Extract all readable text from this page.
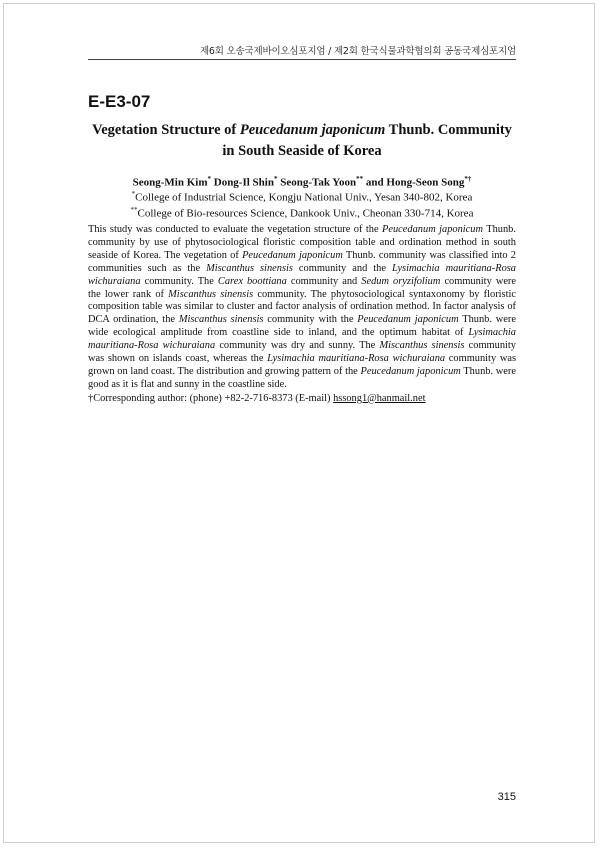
제6회 오송국제바이오심포지엄 / 제2회 한국식물과학협의회 공동국제심포지엄
E-E3-07
Vegetation Structure of Peucedanum japonicum Thunb. Community in South Seaside of Korea
Seong-Min Kim* Dong-Il Shin* Seong-Tak Yoon** and Hong-Seon Song*†
*College of Industrial Science, Kongju National Univ., Yesan 340-802, Korea
**College of Bio-resources Science, Dankook Univ., Cheonan 330-714, Korea

This study was conducted to evaluate the vegetation structure of the Peucedanum japonicum Thunb. community by use of phytosociological floristic composition table and ordination method in south seaside of Korea. The vegetation of Peucedanum japonicum Thunb. community was classified into 2 communities such as the Miscanthus sinensis community and the Lysimachia mauritiana-Rosa wichuraiana community. The Carex boottiana community and Sedum oryzifolium community were the lower rank of Miscanthus sinensis community. The phytosociological syntaxonomy by floristic composition table was similar to cluster and factor analysis of ordination method. In factor analysis of DCA ordination, the Miscanthus sinensis community with the Peucedanum japonicum Thunb. were wide ecological amplitude from coastline side to inland, and the optimum habitat of Lysimachia mauritiana-Rosa wichuraiana community was dry and sunny. The Miscanthus sinensis community was shown on islands coast, whereas the Lysimachia mauritiana-Rosa wichuraiana community was grown on land coast. The distribution and growing pattern of the Peucedanum japonicum Thunb. were good as it is flat and sunny in the coastline side.

†Corresponding author: (phone) +82-2-716-8373 (E-mail) hssong1@hanmail.net
315
